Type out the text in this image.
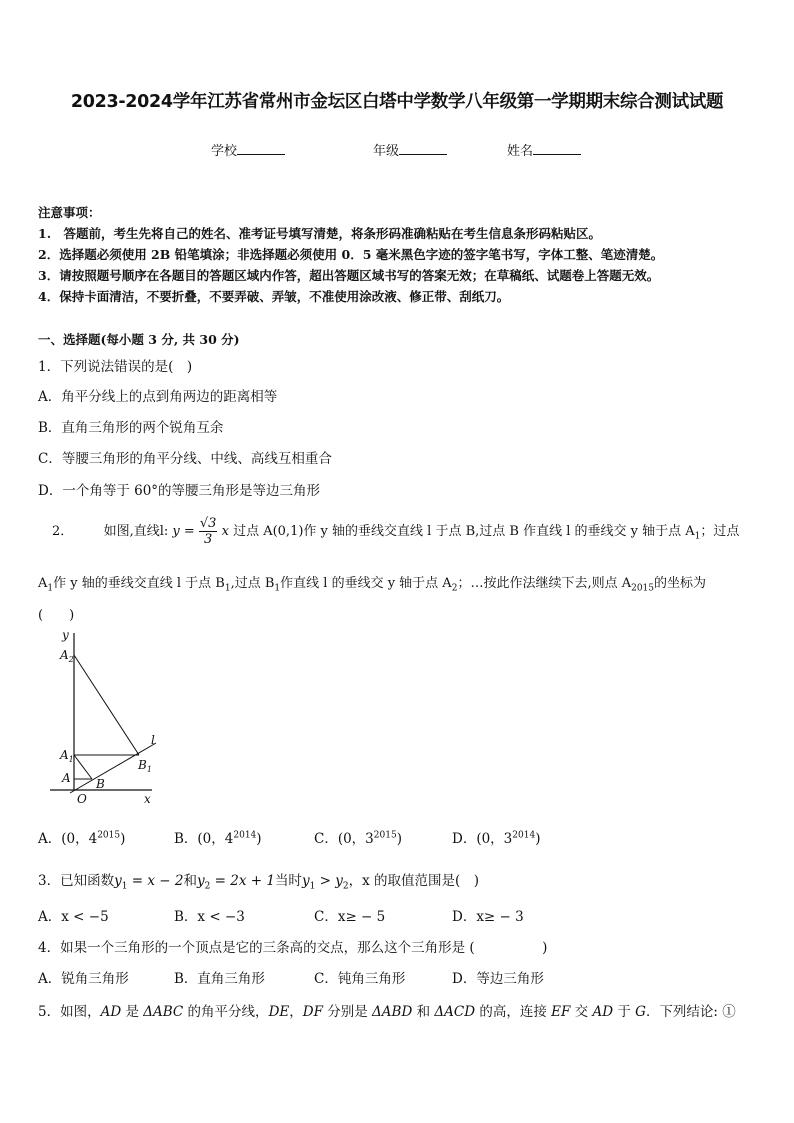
2023-2024学年江苏省常州市金坛区白塔中学数学八年级第一学期期末综合测试试题
学校	年级	姓名
注意事项：
1.　答题前，考生先将自己的姓名、准考证号填写清楚，将条形码准确粘贴在考生信息条形码粘贴区。
2．选择题必须使用 2B 铅笔填涂；非选择题必须使用 0．5 毫米黑色字迹的签字笔书写，字体工整、笔迹清楚。
3．请按照题号顺序在各题目的答题区域内作答，超出答题区域书写的答案无效；在草稿纸、试题卷上答题无效。
4．保持卡面清洁，不要折叠，不要弄破、弄皱，不准使用涂改液、修正带、刮纸刀。
一、选择题(每小题 3 分, 共 30 分)
1．下列说法错误的是(　)
A．角平分线上的点到角两边的距离相等
B．直角三角形的两个锐角互余
C．等腰三角形的角平分线、中线、高线互相重合
D．一个角等于 60°的等腰三角形是等边三角形
2． 如图,直线l: $y = \frac{√3}{3}$ x 过点 A(0,1)作 y 轴的垂线交直线 l 于点 B,过点 B 作直线 l 的垂线交 y 轴于点 $A_1$；过点
$A_1$作 y 轴的垂线交直线 l 于点 $B_1$,过点 $B_1$作直线 l 的垂线交 y 轴于点 $A_2$；…按此作法继续下去,则点 $A_{2015}$的坐标为
(　　)
y
x
O
A B
$A_1$
$A_2$
$B_1$
l
A．(0，$4^{2015}$)	B．(0，$4^{2014}$)	C．(0，$3^{2015}$)	D．(0，$3^{2014}$)
3．已知函数$y_1 = x - 2$和$y_2 = 2x + 1$当时$y_1 > y_2$，x 的取值范围是(　)
A．x < −5	B．x < −3	C．x≥ − 5	D．x≥ − 3
4．如果一个三角形的一个顶点是它的三条高的交点，那么这个三角形是 (　　　　　)
A．锐角三角形	B．直角三角形	C．钝角三角形	D．等边三角形
5．如图，AD 是 ΔABC 的角平分线，DE，DF 分别是 ΔABD 和 ΔACD 的高，连接 EF 交 AD 于 G．下列结论: ①
